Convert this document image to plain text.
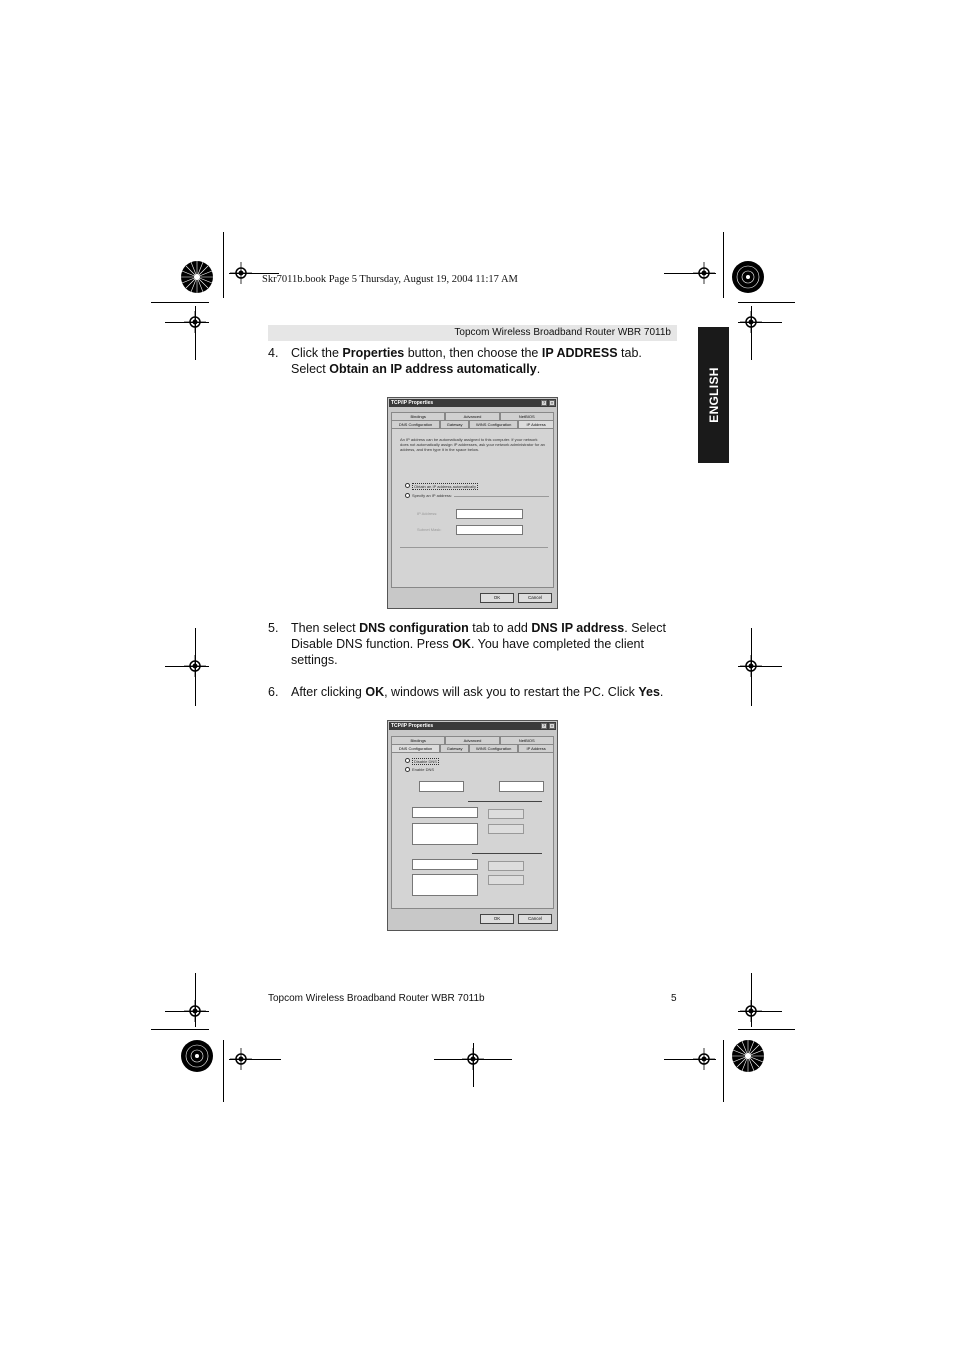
Skr7011b.book Page 5 Thursday, August 19, 2004 11:17 AM
Topcom Wireless Broadband Router WBR 7011b
ENGLISH
4. Click the Properties button, then choose the IP ADDRESS tab. Select Obtain an IP address automatically.
TCP/IP Properties	?	×
Bindings	Advanced	NetBIOS
DNS Configuration	Gateway	WINS Configuration	IP Address
An IP address can be automatically assigned to this computer. If your network does not automatically assign IP addresses, ask your network administrator for an address, and then type it in the space below.
Obtain an IP address automatically
Specify an IP address:
IP Address:
Subnet Mask:
OK	Cancel
5. Then select DNS configuration tab to add DNS IP address. Select Disable DNS function. Press OK. You have completed the client settings.
6. After clicking OK, windows will ask you to restart the PC. Click Yes.
TCP/IP Properties	?	×
Bindings	Advanced	NetBIOS
DNS Configuration	Gateway	WINS Configuration	IP Address
Disable DNS
Enable DNS
OK	Cancel
Topcom Wireless Broadband Router WBR 7011b	5
